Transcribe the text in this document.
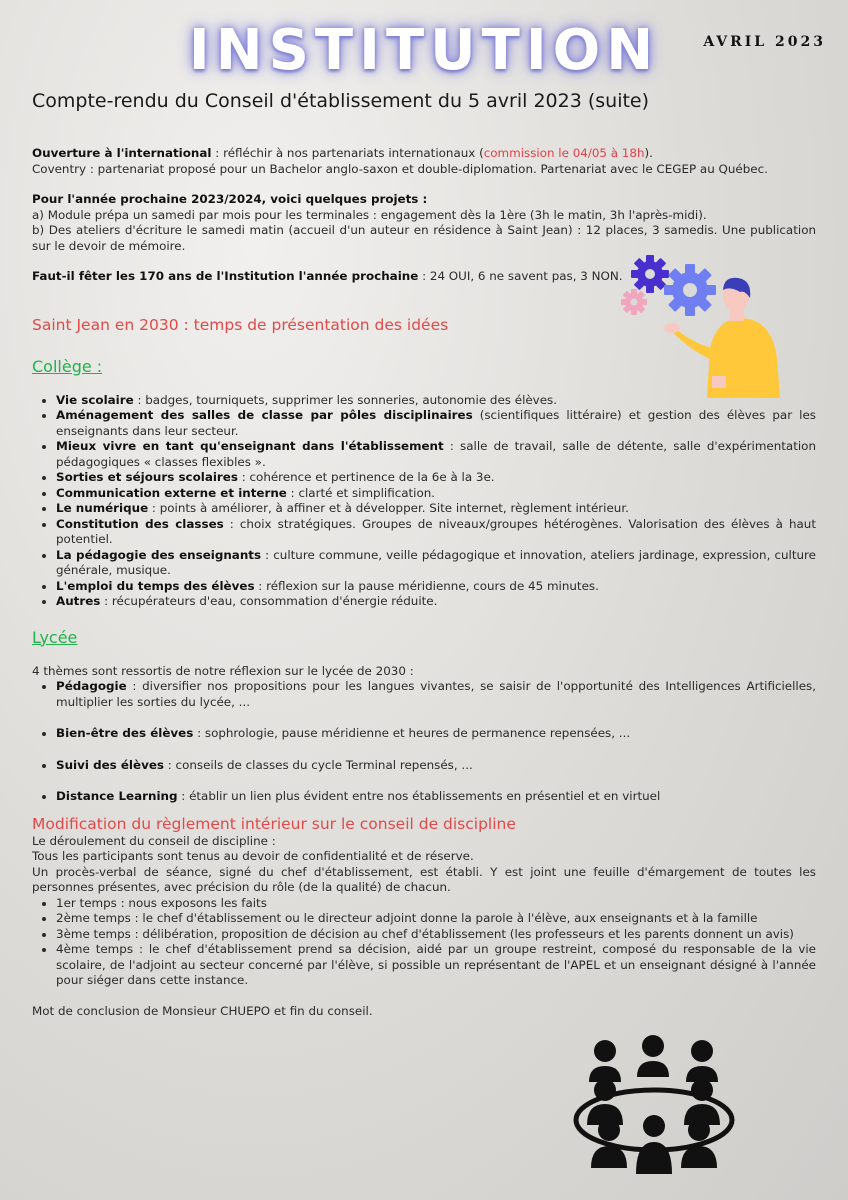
INSTITUTION	AVRIL 2023
Compte-rendu du Conseil d'établissement du 5 avril 2023 (suite)

Ouverture à l'international : réfléchir à nos partenariats internationaux (commission le 04/05 à 18h).

Coventry : partenariat proposé pour un Bachelor anglo-saxon et double-diplomation. Partenariat avec le CEGEP au Québec.

Pour l'année prochaine 2023/2024, voici quelques projets :

a) Module prépa un samedi par mois pour les terminales : engagement dès la 1ère (3h le matin, 3h l'après-midi).

b) Des ateliers d'écriture le samedi matin (accueil d'un auteur en résidence à Saint Jean) : 12 places, 3 samedis. Une publication sur le devoir de mémoire.

Faut-il fêter les 170 ans de l'Institution l'année prochaine : 24 OUI, 6 ne savent pas, 3 NON.

Saint Jean en 2030 : temps de présentation des idées

Collège :

• Vie scolaire : badges, tourniquets, supprimer les sonneries, autonomie des élèves.
• Aménagement des salles de classe par pôles disciplinaires (scientifiques littéraire) et gestion des élèves par les enseignants dans leur secteur.
• Mieux vivre en tant qu'enseignant dans l'établissement : salle de travail, salle de détente, salle d'expérimentation pédagogiques « classes flexibles ».
• Sorties et séjours scolaires : cohérence et pertinence de la 6e à la 3e.
• Communication externe et interne : clarté et simplification.
• Le numérique : points à améliorer, à affiner et à développer. Site internet, règlement intérieur.
• Constitution des classes : choix stratégiques. Groupes de niveaux/groupes hétérogènes. Valorisation des élèves à haut potentiel.
• La pédagogie des enseignants : culture commune, veille pédagogique et innovation, ateliers jardinage, expression, culture générale, musique.
• L'emploi du temps des élèves : réflexion sur la pause méridienne, cours de 45 minutes.
• Autres : récupérateurs d'eau, consommation d'énergie réduite.

Lycée

4 thèmes sont ressortis de notre réflexion sur le lycée de 2030 :

• Pédagogie : diversifier nos propositions pour les langues vivantes, se saisir de l'opportunité des Intelligences Artificielles, multiplier les sorties du lycée, ...
• Bien-être des élèves : sophrologie, pause méridienne et heures de permanence repensées, ...
• Suivi des élèves : conseils de classes du cycle Terminal repensés, ...
• Distance Learning : établir un lien plus évident entre nos établissements en présentiel et en virtuel

Modification du règlement intérieur sur le conseil de discipline

Le déroulement du conseil de discipline :

Tous les participants sont tenus au devoir de confidentialité et de réserve.

Un procès-verbal de séance, signé du chef d'établissement, est établi. Y est joint une feuille d'émargement de toutes les personnes présentes, avec précision du rôle (de la qualité) de chacun.

• 1er temps : nous exposons les faits
• 2ème temps : le chef d'établissement ou le directeur adjoint donne la parole à l'élève, aux enseignants et à la famille
• 3ème temps : délibération, proposition de décision au chef d'établissement (les professeurs et les parents donnent un avis)
• 4ème temps : le chef d'établissement prend sa décision, aidé par un groupe restreint, composé du responsable de la vie scolaire, de l'adjoint au secteur concerné par l'élève, si possible un représentant de l'APEL et un enseignant désigné à l'année pour siéger dans cette instance.

Mot de conclusion de Monsieur CHUEPO et fin du conseil.
